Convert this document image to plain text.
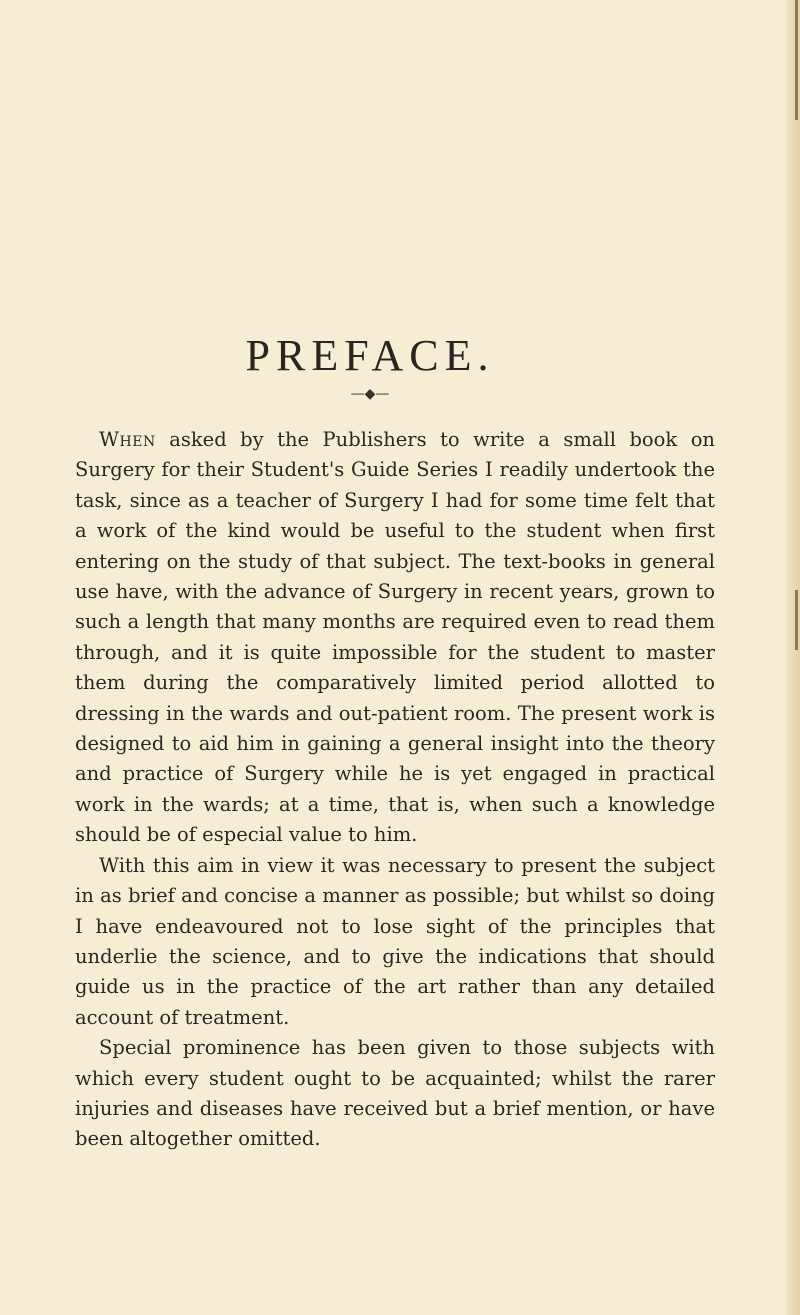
PREFACE.
—◆—

When asked by the Publishers to write a small book on Surgery for their Student's Guide Series I readily undertook the task, since as a teacher of Surgery I had for some time felt that a work of the kind would be useful to the student when first entering on the study of that subject. The text-books in general use have, with the advance of Surgery in recent years, grown to such a length that many months are required even to read them through, and it is quite impossible for the student to master them during the comparatively limited period allotted to dressing in the wards and out-patient room. The present work is designed to aid him in gaining a general insight into the theory and practice of Surgery while he is yet engaged in practical work in the wards; at a time, that is, when such a knowledge should be of especial value to him.

With this aim in view it was necessary to present the subject in as brief and concise a manner as possible; but whilst so doing I have endeavoured not to lose sight of the principles that underlie the science, and to give the indications that should guide us in the practice of the art rather than any detailed account of treatment.

Special prominence has been given to those subjects with which every student ought to be acquainted; whilst the rarer injuries and diseases have received but a brief mention, or have been altogether omitted.
